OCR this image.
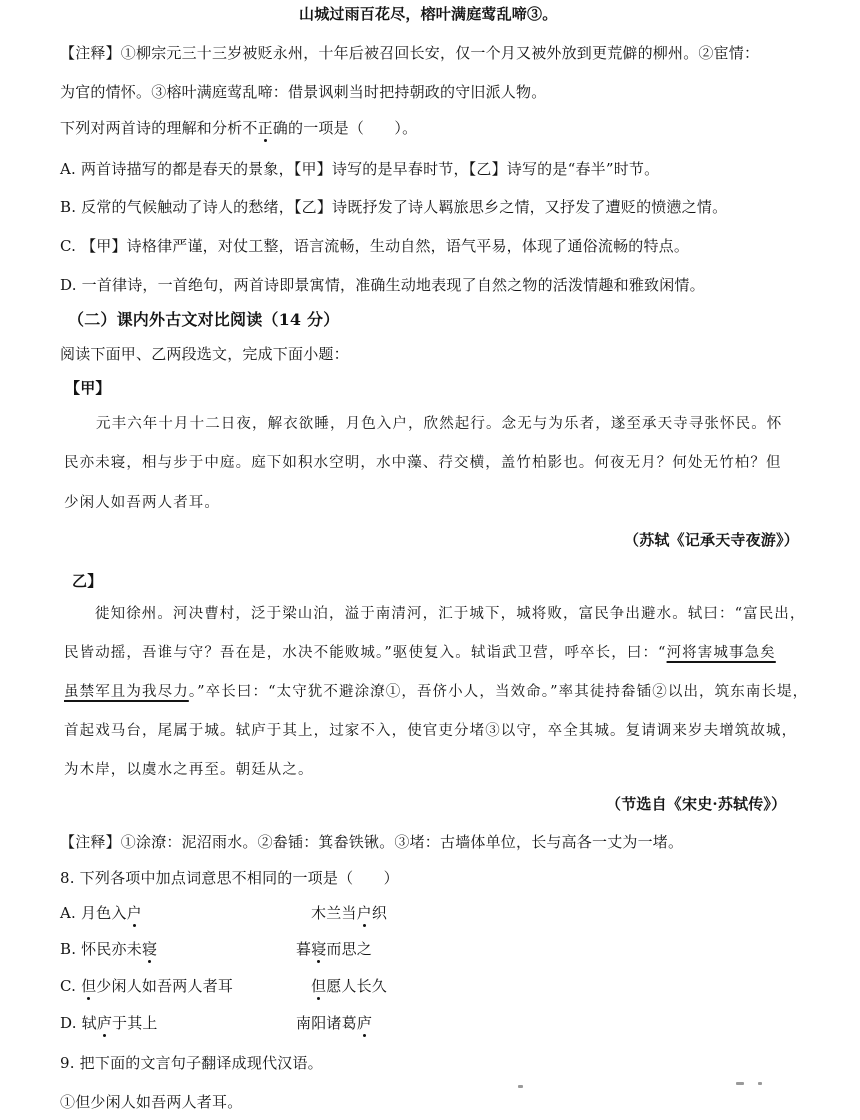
山城过雨百花尽，榕叶满庭莺乱啼③。
【注释】①柳宗元三十三岁被贬永州，十年后被召回长安，仅一个月又被外放到更荒僻的柳州。②宦情：
为官的情怀。③榕叶满庭莺乱啼：借景讽刺当时把持朝政的守旧派人物。
下列对两首诗的理解和分析不正确的一项是（　　）。
A. 两首诗描写的都是春天的景象，【甲】诗写的是早春时节，【乙】诗写的是“春半”时节。
B. 反常的气候触动了诗人的愁绪，【乙】诗既抒发了诗人羁旅思乡之情，又抒发了遭贬的愤懑之情。
C. 【甲】诗格律严谨，对仗工整，语言流畅，生动自然，语气平易，体现了通俗流畅的特点。
D. 一首律诗，一首绝句，两首诗即景寓情，准确生动地表现了自然之物的活泼情趣和雅致闲情。
（二）课内外古文对比阅读（14 分）
阅读下面甲、乙两段选文，完成下面小题：
【甲】
元丰六年十月十二日夜，解衣欲睡，月色入户，欣然起行。念无与为乐者，遂至承天寺寻张怀民。怀
民亦未寝，相与步于中庭。庭下如积水空明，水中藻、荇交横，盖竹柏影也。何夜无月？何处无竹柏？但
少闲人如吾两人者耳。
（苏轼《记承天寺夜游》）
乙】
徙知徐州。河决曹村，泛于梁山泊，溢于南清河，汇于城下，城将败，富民争出避水。轼曰：“富民出，
民皆动摇，吾谁与守？吾在是，水决不能败城。”驱使复入。轼诣武卫营，呼卒长，曰：“河将害城事急矣
虽禁军且为我尽力。”卒长曰：“太守犹不避涂潦①，吾侪小人，当效命。”率其徒持畚锸②以出，筑东南长堤，
首起戏马台，尾属于城。轼庐于其上，过家不入，使官吏分堵③以守，卒全其城。复请调来岁夫增筑故城，
为木岸，以虞水之再至。朝廷从之。
（节选自《宋史·苏轼传》）
【注释】①涂潦：泥沼雨水。②畚锸：箕畚铁锹。③堵：古墙体单位，长与高各一丈为一堵。
8. 下列各项中加点词意思不相同的一项是（　　）
A. 月色入户	木兰当户织
B. 怀民亦未寝	暮寝而思之
C. 但少闲人如吾两人者耳	但愿人长久
D. 轼庐于其上	南阳诸葛庐
9. 把下面的文言句子翻译成现代汉语。
①但少闲人如吾两人者耳。
